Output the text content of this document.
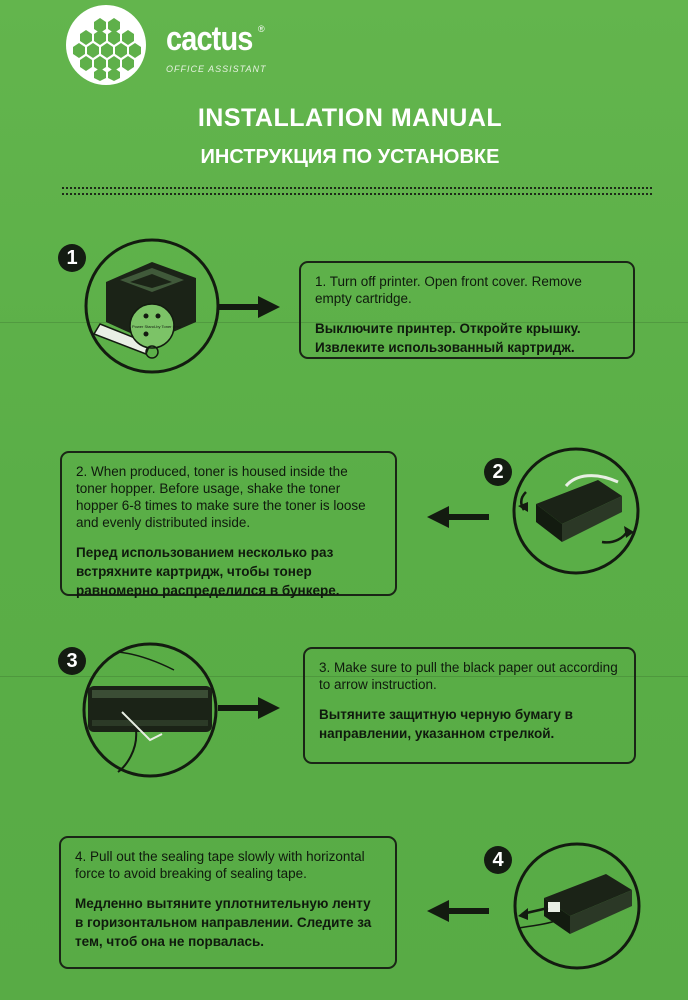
cactus ®
OFFICE ASSISTANT
INSTALLATION MANUAL
ИНСТРУКЦИЯ ПО УСТАНОВКЕ
1
Power Stand-by Toner Error

1. Turn off printer. Open front cover. Remove empty cartridge.

Выключите принтер. Откройте крышку. Извлеките использованный картридж.

2. When produced, toner is housed inside the toner hopper. Before usage, shake the toner hopper 6-8 times to make sure the toner is loose and evenly distributed inside.

Перед использованием несколько раз встряхните картридж, чтобы тонер равномерно распределился в бункере.

2
3	3. Make sure to pull the black paper out according to arrow instruction.

Вытяните защитную черную бумагу в направлении, указанном стрелкой.

4. Pull out the sealing tape slowly with horizontal force to avoid breaking of sealing tape.

Медленно вытяните уплотнительную ленту в горизонтальном направлении. Следите за тем, чтоб она не порвалась.

4
